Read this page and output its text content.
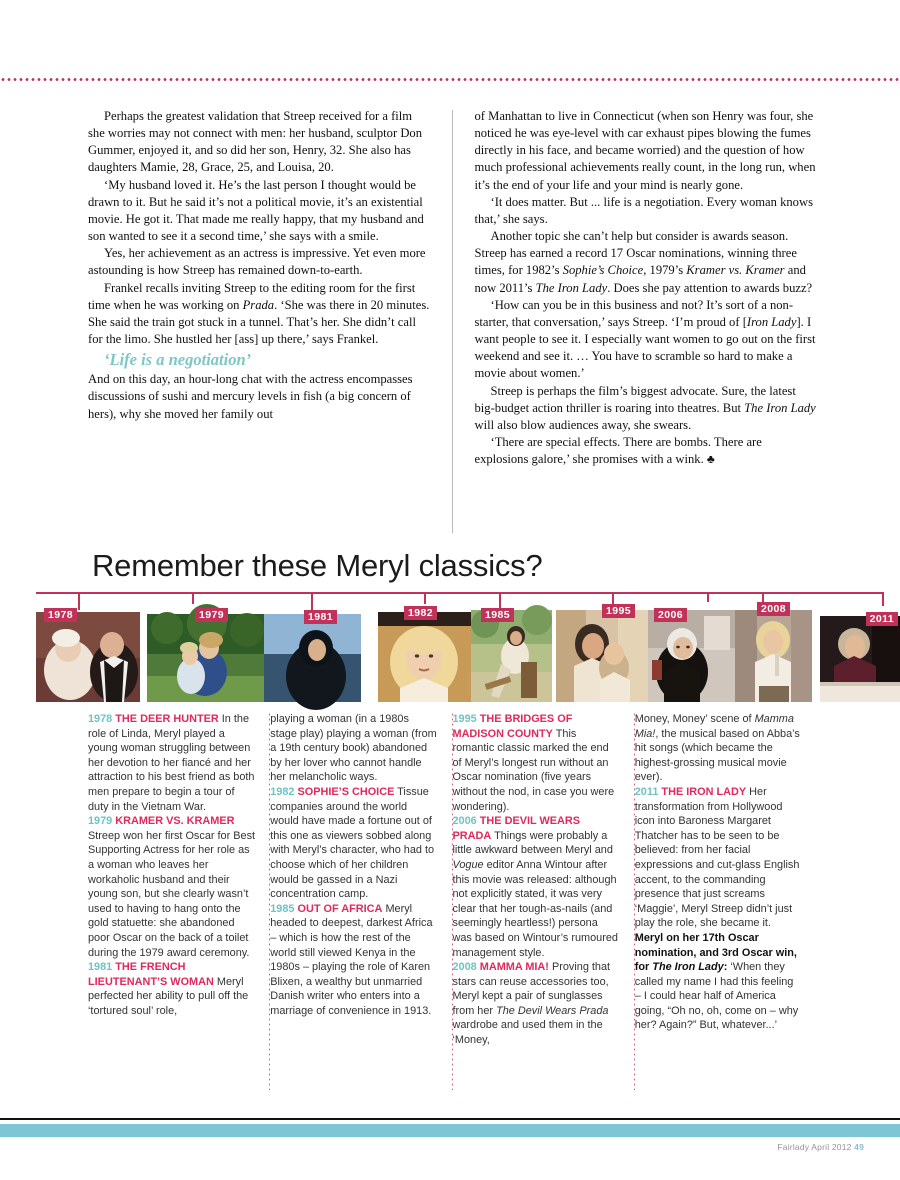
Perhaps the greatest validation that Streep received for a film she worries may not connect with men: her husband, sculptor Don Gummer, enjoyed it, and so did her son, Henry, 32. She also has daughters Mamie, 28, Grace, 25, and Louisa, 20.

‘My husband loved it. He’s the last person I thought would be drawn to it. But he said it’s not a political movie, it’s an existential movie. He got it. That made me really happy, that my husband and son wanted to see it a second time,’ she says with a smile.

Yes, her achievement as an actress is impressive. Yet even more astounding is how Streep has remained down-to-earth.

Frankel recalls inviting Streep to the editing room for the first time when he was working on Prada. ‘She was there in 20 minutes. She said the train got stuck in a tunnel. That’s her. She didn’t call for the limo. She hustled her [ass] up there,’ says Frankel.

‘Life is a negotiation’

And on this day, an hour-long chat with the actress encompasses discussions of sushi and mercury levels in fish (a big concern of hers), why she moved her family out

of Manhattan to live in Connecticut (when son Henry was four, she noticed he was eye-level with car exhaust pipes blowing the fumes directly in his face, and became worried) and the question of how much professional achievements really count, in the long run, when it’s the end of your life and your mind is nearly gone.

‘It does matter. But ... life is a negotiation. Every woman knows that,’ she says.

Another topic she can’t help but consider is awards season. Streep has earned a record 17 Oscar nominations, winning three times, for 1982’s Sophie’s Choice, 1979’s Kramer vs. Kramer and now 2011’s The Iron Lady. Does she pay attention to awards buzz?

‘How can you be in this business and not? It’s sort of a non-starter, that conversation,’ says Streep. ‘I’m proud of [Iron Lady]. I want people to see it. I especially want women to go out on the first weekend and see it. … You have to scramble so hard to make a movie about women.’

Streep is perhaps the film’s biggest advocate. Sure, the latest big-budget action thriller is roaring into theatres. But The Iron Lady will also blow audiences away, she swears.

‘There are special effects. There are bombs. There are explosions galore,’ she promises with a wink. ♣

Remember these Meryl classics?
1978	1979	1981	1982	1985	1995	2006	2008
2011

1978 THE DEER HUNTER In the role of Linda, Meryl played a young woman struggling between her devotion to her fiancé and her attraction to his best friend as both men prepare to begin a tour of duty in the Vietnam War.

1979 KRAMER VS. KRAMER Streep won her first Oscar for Best Supporting Actress for her role as a woman who leaves her workaholic husband and their young son, but she clearly wasn’t used to having to hang onto the gold statuette: she abandoned poor Oscar on the back of a toilet during the 1979 award ceremony.

1981 THE FRENCH LIEUTENANT’S WOMAN Meryl perfected her ability to pull off the ‘tortured soul’ role,

playing a woman (in a 1980s stage play) playing a woman (from a 19th century book) abandoned by her lover who cannot handle her melancholic ways.

1982 SOPHIE’S CHOICE Tissue companies around the world would have made a fortune out of this one as viewers sobbed along with Meryl’s character, who had to choose which of her children would be gassed in a Nazi concentration camp.

1985 OUT OF AFRICA Meryl headed to deepest, darkest Africa – which is how the rest of the world still viewed Kenya in the 1980s – playing the role of Karen Blixen, a wealthy but unmarried Danish writer who enters into a marriage of convenience in 1913.

1995 THE BRIDGES OF MADISON COUNTY This romantic classic marked the end of Meryl’s longest run without an Oscar nomination (five years without the nod, in case you were wondering).

2006 THE DEVIL WEARS PRADA Things were probably a little awkward between Meryl and Vogue editor Anna Wintour after this movie was released: although not explicitly stated, it was very clear that her tough-as-nails (and seemingly heartless!) persona was based on Wintour’s rumoured management style.

2008 MAMMA MIA! Proving that stars can reuse accessories too, Meryl kept a pair of sunglasses from her The Devil Wears Prada wardrobe and used them in the ‘Money,

Money, Money’ scene of Mamma Mia!, the musical based on Abba’s hit songs (which became the highest-grossing musical movie ever).

2011 THE IRON LADY Her transformation from Hollywood icon into Baroness Margaret Thatcher has to be seen to be believed: from her facial expressions and cut-glass English accent, to the commanding presence that just screams ‘Maggie’, Meryl Streep didn’t just play the role, she became it.

Meryl on her 17th Oscar nomination, and 3rd Oscar win, for The Iron Lady: ‘When they called my name I had this feeling – I could hear half of America going, “Oh no, oh, come on – why her? Again?” But, whatever...’

Fairlady April 2012 49
